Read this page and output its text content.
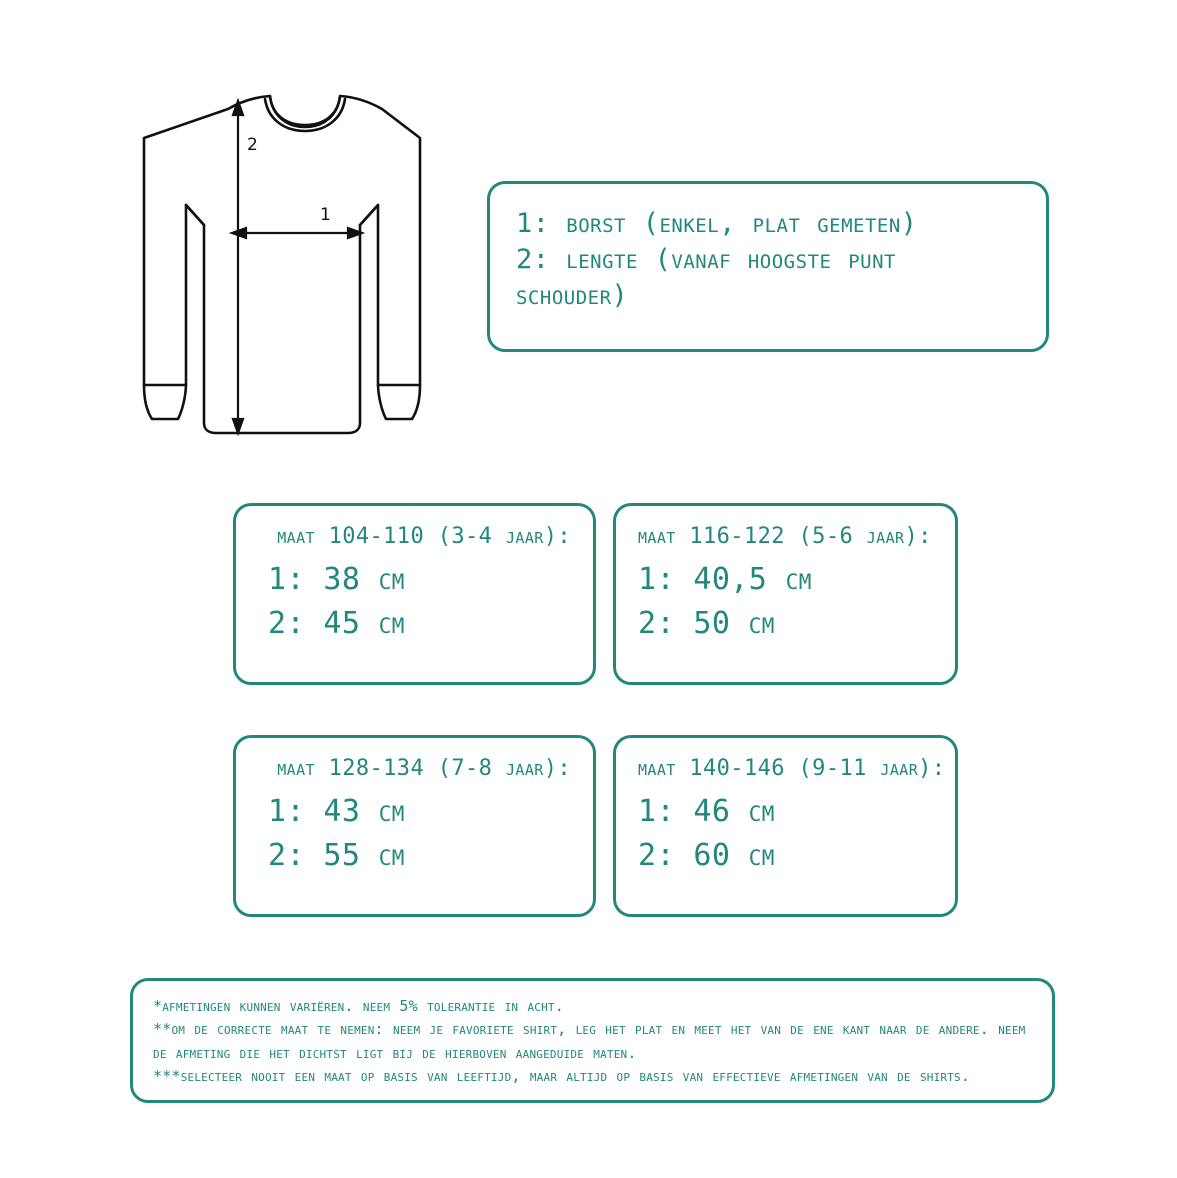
2
1	1: borst (enkel, plat gemeten)
2: lengte (vanaf hoogste punt schouder)
maat 104-110 (3-4 jaar):
1: 38 cm
2: 45 cm
maat 116-122 (5-6 jaar):
1: 40,5 cm
2: 50 cm
maat 128-134 (7-8 jaar):
1: 43 cm
2: 55 cm
maat 140-146 (9-11 jaar):
1: 46 cm
2: 60 cm
*afmetingen kunnen variëren. neem 5% tolerantie in acht.
**om de correcte maat te nemen: neem je favoriete shirt, leg het plat en meet het van de ene kant naar de andere. neem de afmeting die het dichtst ligt bij de hierboven aangeduide maten.
***selecteer nooit een maat op basis van leeftijd, maar altijd op basis van effectieve afmetingen van de shirts.
